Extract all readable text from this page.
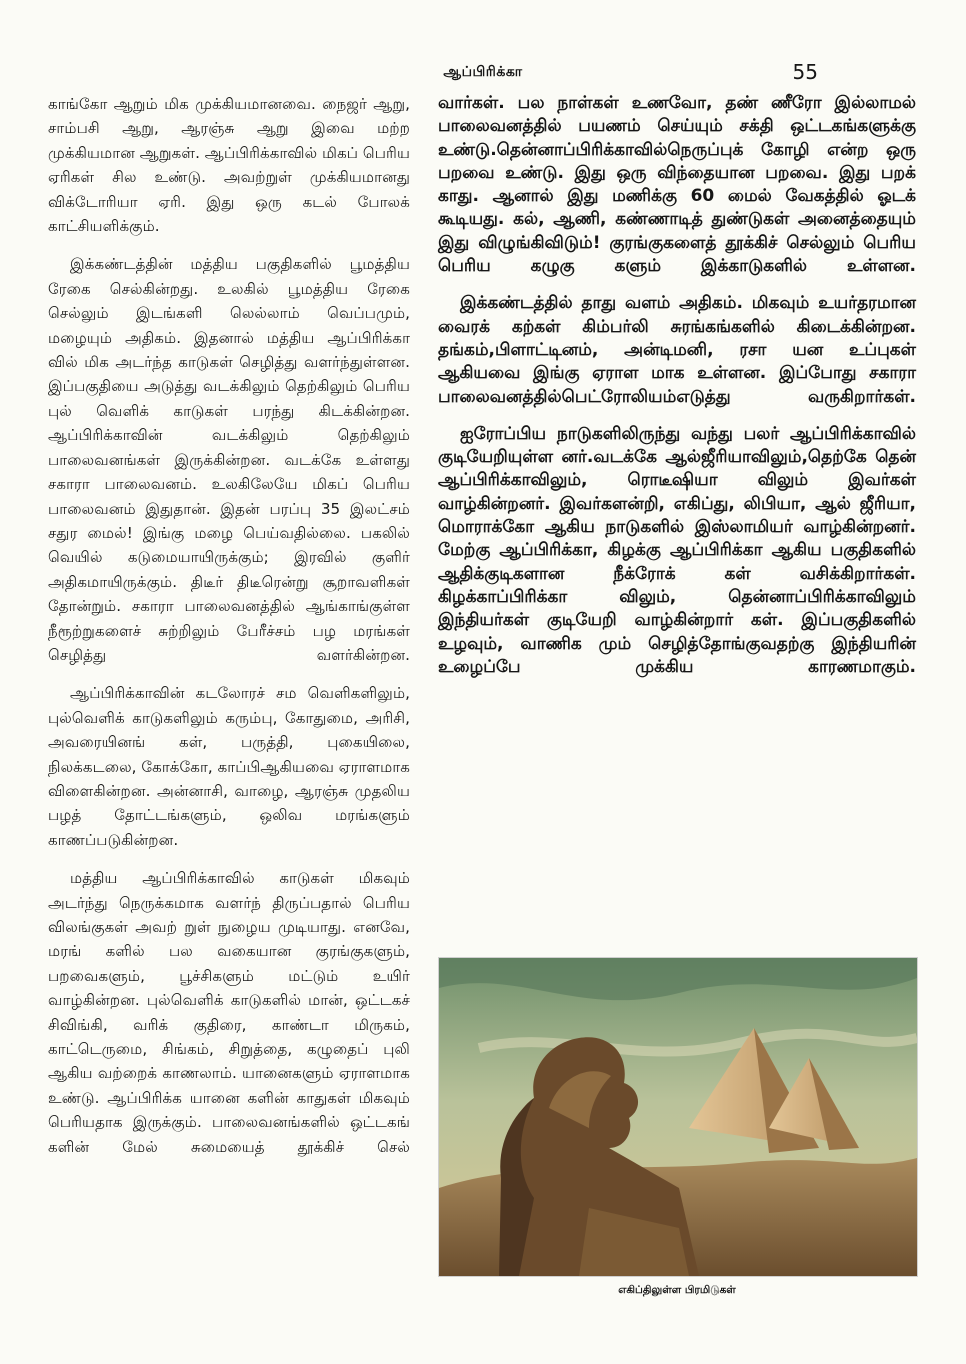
ஆப்பிரிக்கா	55

காங்கோ ஆறும் மிக முக்கியமானவை. நைஜர் ஆறு, சாம்பசி ஆறு, ஆரஞ்சு ஆறு இவை மற்ற முக்கியமான ஆறுகள். ஆப்பிரிக்காவில் மிகப் பெரிய ஏரிகள் சில உண்டு. அவற்றுள் முக்கியமானது விக்டோரியா ஏரி. இது ஒரு கடல் போலக் காட்சியளிக்கும்.

இக்கண்டத்தின் மத்திய பகுதிகளில் பூமத்திய ரேகை செல்கின்றது. உலகில் பூமத்திய ரேகை செல்லும் இடங்களி லெல்லாம் வெப்பமும், மழையும் அதிகம். இதனால் மத்திய ஆப்பிரிக்கா வில் மிக அடர்ந்த காடுகள் செழித்து வளர்ந்துள்ளன. இப்பகுதியை அடுத்து வடக்கிலும் தெற்கிலும் பெரிய புல் வெளிக் காடுகள் பரந்து கிடக்கின்றன. ஆப்பிரிக்காவின் வடக்கிலும் தெற்கிலும் பாலைவனங்கள் இருக்கின்றன. வடக்கே உள்ளது சகாரா பாலைவனம். உலகிலேயே மிகப் பெரிய பாலைவனம் இதுதான். இதன் பரப்பு 35 இலட்சம் சதுர மைல்! இங்கு மழை பெய்வதில்லை. பகலில் வெயில் கடுமையாயிருக்கும்; இரவில் குளிர் அதிகமாயிருக்கும். திடீர் திடீரென்று சூறாவளிகள் தோன்றும். சகாரா பாலைவனத்தில் ஆங்காங்குள்ள நீரூற்றுகளைச் சுற்றிலும் பேரீச்சம் பழ மரங்கள் செழித்து வளர்கின்றன.

ஆப்பிரிக்காவின் கடலோரச் சம வெளிகளிலும், புல்வெளிக் காடுகளிலும் கரும்பு, கோதுமை, அரிசி, அவரையினங் கள், பருத்தி, புகையிலை, நிலக்கடலை, கோக்கோ, காப்பிஆகியவை ஏராளமாக விளைகின்றன. அன்னாசி, வாழை, ஆரஞ்சு முதலிய பழத் தோட்டங்களும், ஒலிவ மரங்களும் காணப்படுகின்றன.

மத்திய ஆப்பிரிக்காவில் காடுகள் மிகவும் அடர்ந்து நெருக்கமாக வளர்ந் திருப்பதால் பெரிய விலங்குகள் அவற் றுள் நுழைய முடியாது. எனவே, மரங் களில் பல வகையான குரங்குகளும், பறவைகளும், பூச்சிகளும் மட்டும் உயிர் வாழ்கின்றன. புல்வெளிக் காடுகளில் மான், ஒட்டகச் சிவிங்கி, வரிக் குதிரை, காண்டா மிருகம், காட்டெருமை, சிங்கம், சிறுத்தை, கழுதைப் புலி ஆகிய வற்றைக் காணலாம். யானைகளும் ஏராளமாக உண்டு. ஆப்பிரிக்க யானை களின் காதுகள் மிகவும் பெரியதாக இருக்கும். பாலைவனங்களில் ஒட்டகங் களின் மேல் சுமையைத் தூக்கிச் செல்

வார்கள். பல நாள்கள் உணவோ, தண் ணீரோ இல்லாமல் பாலைவனத்தில் பயணம் செய்யும் சக்தி ஒட்டகங்களுக்கு உண்டு.தென்னாப்பிரிக்காவில்நெருப்புக் கோழி என்ற ஒரு பறவை உண்டு. இது ஒரு விந்தையான பறவை. இது பறக் காது. ஆனால் இது மணிக்கு 60 மைல் வேகத்தில் ஓடக் கூடியது. கல், ஆணி, கண்ணாடித் துண்டுகள் அனைத்தையும் இது விழுங்கிவிடும்! குரங்குகளைத் தூக்கிச் செல்லும் பெரிய பெரிய கழுகு களும் இக்காடுகளில் உள்ளன.

இக்கண்டத்தில் தாது வளம் அதிகம். மிகவும் உயர்தரமான வைரக் கற்கள் கிம்பர்லி சுரங்கங்களில் கிடைக்கின்றன. தங்கம்,பிளாட்டினம், அன்டிமனி, ரசா யன உப்புகள் ஆகியவை இங்கு ஏராள மாக உள்ளன. இப்போது சகாரா பாலைவனத்தில்பெட்ரோலியம்எடுத்து வருகிறார்கள்.

ஐரோப்பிய நாடுகளிலிருந்து வந்து பலர் ஆப்பிரிக்காவில் குடியேறியுள்ள னர்.வடக்கே ஆல்ஜீரியாவிலும்,தெற்கே தென் ஆப்பிரிக்காவிலும், ரொடீஷியா விலும் இவர்கள் வாழ்கின்றனர். இவர்களன்றி, எகிப்து, லிபியா, ஆல் ஜீரியா, மொராக்கோ ஆகிய நாடுகளில் இஸ்லாமியர் வாழ்கின்றனர். மேற்கு ஆப்பிரிக்கா, கிழக்கு ஆப்பிரிக்கா ஆகிய பகுதிகளில் ஆதிக்குடிகளான நீக்ரோக் கள் வசிக்கிறார்கள். கிழக்காப்பிரிக்கா விலும், தென்னாப்பிரிக்காவிலும் இந்தியர்கள் குடியேறி வாழ்கின்றார் கள். இப்பகுதிகளில் உழவும், வாணிக மும் செழித்தோங்குவதற்கு இந்தியரின் உழைப்பே முக்கிய காரணமாகும்.

எகிப்திலுள்ள பிரமிடுகள்
